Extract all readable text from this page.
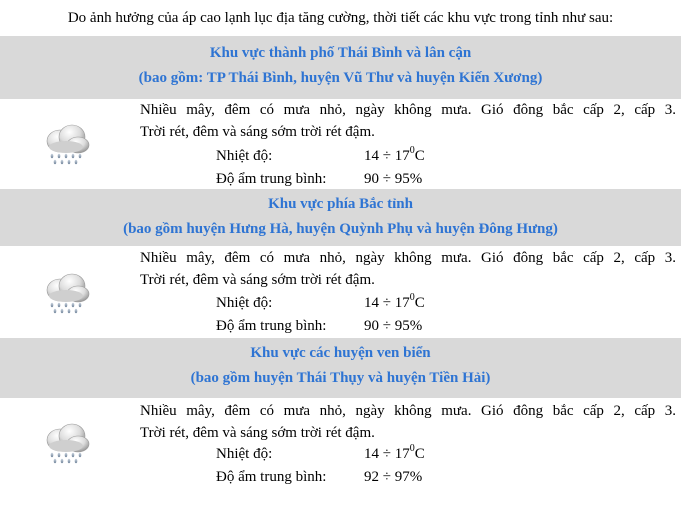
Do ảnh hưởng của áp cao lạnh lục địa tăng cường, thời tiết các khu vực trong tỉnh như sau:
Khu vực thành phố Thái Bình và lân cận
(bao gồm: TP Thái Bình, huyện Vũ Thư và huyện Kiến Xương)
Nhiều mây, đêm có mưa nhỏ, ngày không mưa. Gió đông bắc cấp 2, cấp 3.
Trời rét, đêm và sáng sớm trời rét đậm.
Nhiệt độ:	$14 \div 17^0C$
Độ ẩm trung bình:	90 ÷ 95%
Khu vực phía Bắc tỉnh
(bao gồm huyện Hưng Hà, huyện Quỳnh Phụ và huyện Đông Hưng)
Nhiều mây, đêm có mưa nhỏ, ngày không mưa. Gió đông bắc cấp 2, cấp 3.
Trời rét, đêm và sáng sớm trời rét đậm.
Nhiệt độ:	$14 \div 17^0C$
Độ ẩm trung bình:	90 ÷ 95%
Khu vực các huyện ven biển
(bao gồm huyện Thái Thụy và huyện Tiền Hải)
Nhiều mây, đêm có mưa nhỏ, ngày không mưa. Gió đông bắc cấp 2, cấp 3.
Trời rét, đêm và sáng sớm trời rét đậm.
Nhiệt độ:	$14 \div 17^0C$
Độ ẩm trung bình:	92 ÷ 97%
